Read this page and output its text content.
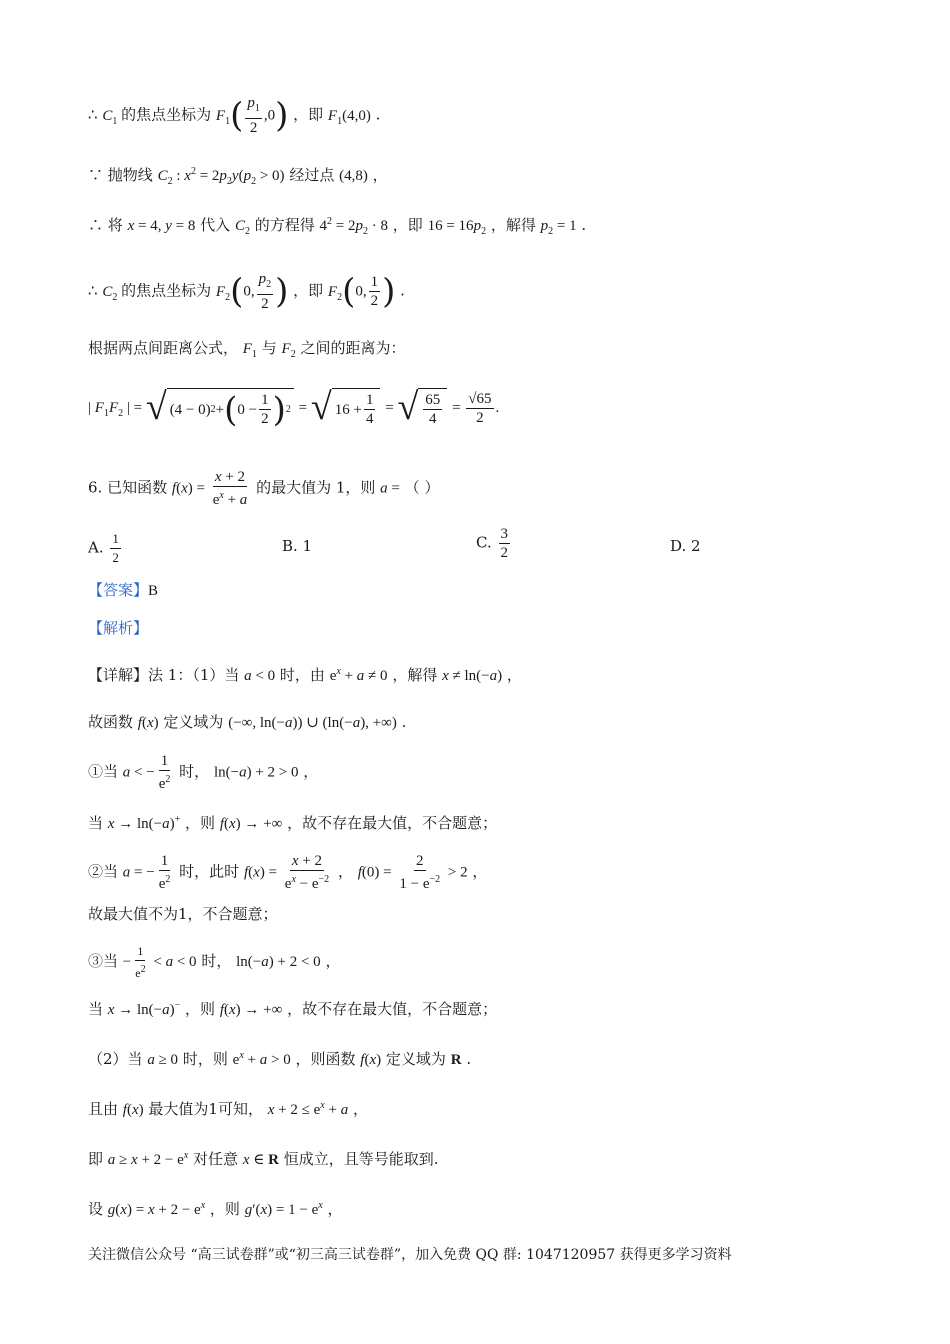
∴ $C_1$ 的焦点坐标为 $F_1( \frac{p_1}{2} ,0)$ ，即 $F_1(4,0)$ .
∵ 抛物线 $C_2$ : $x^2 = 2p_2y(p_2 > 0)$ 经过点 (4,8) ，
∴ 将 x = 4, y = 8 代入 $C_2$ 的方程得 $4^2 = 2p_2 \cdot 8$ ，即 $16 = 16p_2$ ，解得 $p_2 = 1$ .
∴ $C_2$ 的焦点坐标为 $F_2(0$, $\frac{p_2}{2}$ ) ，即 $F_2(0$, $\frac{1}{2}$ ) .
根据两点间距离公式， $F_1$ 与 $F_2$ 之间的距离为：
| $F_1F_2$ | = √ (4 − 0) 2 + ( $0 - \frac{1}{2}$ ) 2 = √ $16 + \frac{1}{4}$ = √ $\frac{65}{4} = \frac{√65}{2}$ .
6. 已知函数 $f(x) = \frac{x + 2}{e^x + a}$ 的最大值为 1，则 a = （ ）
A. $\frac{1}{2}$	B. 1	C. $\frac{3}{2}$	D. 2
【答案】B
【解析】
【详解】法 1：（1）当 a < 0 时，由 $e^x + a \ne 0$ ，解得 x ≠ ln(−a) ，
故函数 f(x) 定义域为 (−∞, ln(−a)) ∪ (ln(−a), +∞) .
①当 a < − $\frac{1}{e^2}$ 时， ln(−a) + 2 > 0 ，
当 x → ln(−a)+ ，则 f(x) → +∞ ，故不存在最大值，不合题意；
②当 a = − $\frac{1}{e^2}$ 时，此时 $f(x) = \frac{x + 2}{e^x - e^{-2}}$ ， $f(0) = \frac{2}{1 - e^{-2}} > 2$ ，
故最大值不为1，不合题意；
③当 − $\frac{1}{e^2} < a < 0$ 时， ln(−a) + 2 < 0 ，
当 x → ln(−a)− ，则 f(x) → +∞ ，故不存在最大值，不合题意；
（2）当 a ≥ 0 时，则 $e^x + a > 0$ ，则函数 f(x) 定义域为 R .
且由 f(x) 最大值为1可知， $x + 2 \le e^x + a$ ，
即 $a \ge x + 2 - e^x$ 对任意 x ∈ R 恒成立，且等号能取到.
设 $g(x) = x + 2 - e^x$ ，则 $g'(x) = 1 - e^x$ ，
关注微信公众号 “高三试卷群”或“初三高三试卷群”，加入免费 QQ 群: 1047120957 获得更多学习资料
